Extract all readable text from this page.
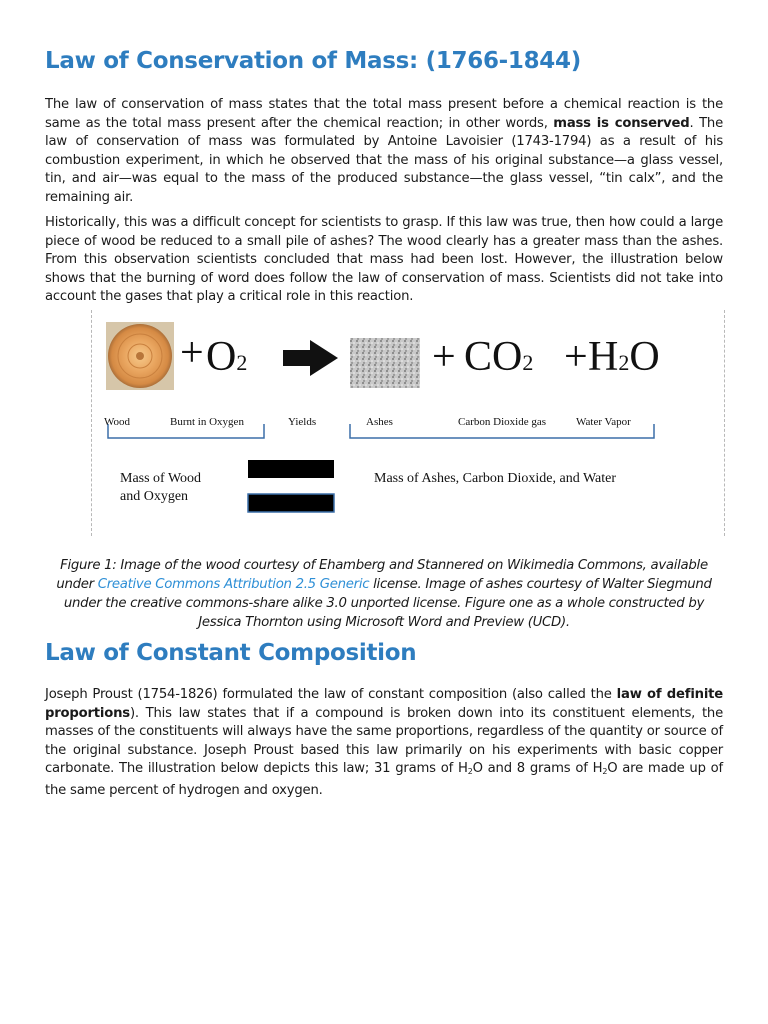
Law of Conservation of Mass: (1766-1844)

The law of conservation of mass states that the total mass present before a chemical reaction is the same as the total mass present after the chemical reaction; in other words, mass is conserved. The law of conservation of mass was formulated by Antoine Lavoisier (1743-1794) as a result of his combustion experiment, in which he observed that the mass of his original substance—a glass vessel, tin, and air—was equal to the mass of the produced substance—the glass vessel, “tin calx”, and the remaining air.

Historically, this was a difficult concept for scientists to grasp. If this law was true, then how could a large piece of wood be reduced to a small pile of ashes? The wood clearly has a greater mass than the ashes. From this observation scientists concluded that mass had been lost. However, the illustration below shows that the burning of word does follow the law of conservation of mass. Scientists did not take into account the gases that play a critical role in this reaction.

+ O2	+ CO2 + H2O
Wood	Burnt in Oxygen	Yields	Ashes	Carbon Dioxide gas	Water Vapor
Mass of Wood
and Oxygen
Mass of Ashes, Carbon Dioxide, and Water

Figure 1: Image of the wood courtesy of Ehamberg and Stannered on Wikimedia Commons, available under Creative Commons Attribution 2.5 Generic license. Image of ashes courtesy of Walter Siegmund under the creative commons-share alike 3.0 unported license. Figure one as a whole constructed by Jessica Thornton using Microsoft Word and Preview (UCD).

Law of Constant Composition

Joseph Proust (1754-1826) formulated the law of constant composition (also called the law of definite proportions). This law states that if a compound is broken down into its constituent elements, the masses of the constituents will always have the same proportions, regardless of the quantity or source of the original substance. Joseph Proust based this law primarily on his experiments with basic copper carbonate. The illustration below depicts this law; 31 grams of $H_2O$ and 8 grams of $H_2O$ are made up of the same percent of hydrogen and oxygen.
